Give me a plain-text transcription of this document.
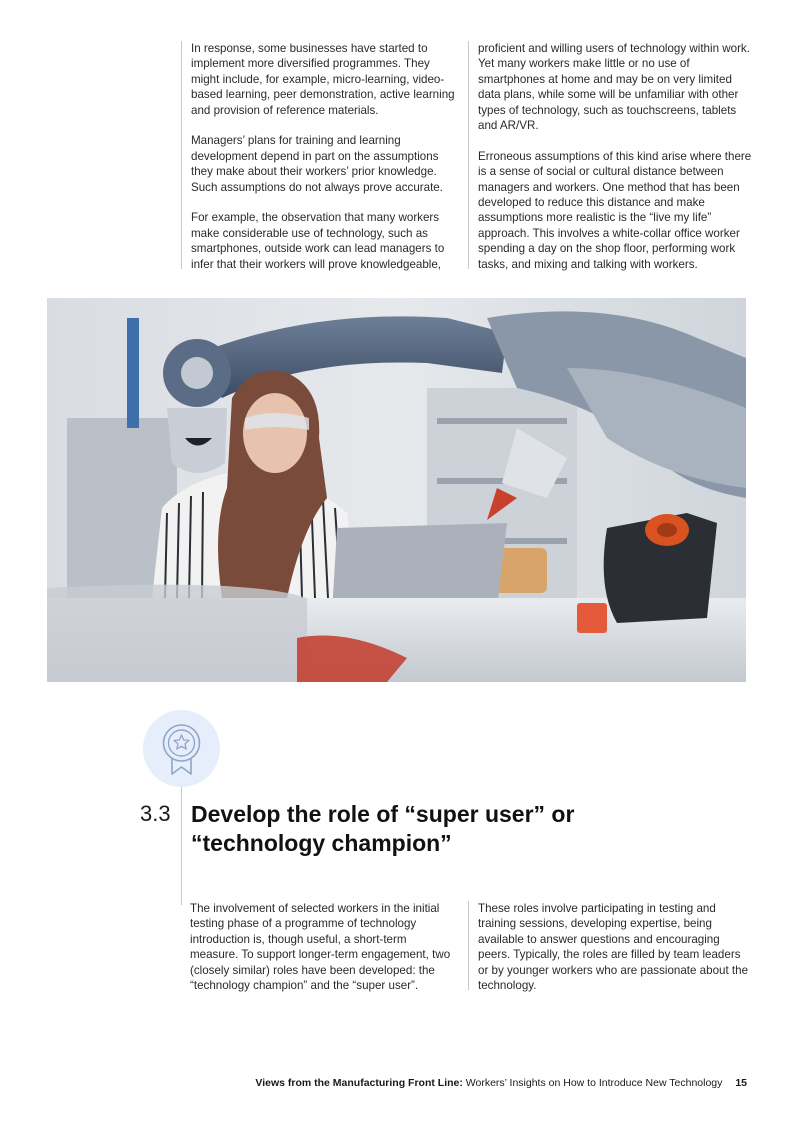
In response, some businesses have started to implement more diversified programmes. They might include, for example, micro-learning, video-based learning, peer demonstration, active learning and provision of reference materials.

Managers’ plans for training and learning development depend in part on the assumptions they make about their workers’ prior knowledge. Such assumptions do not always prove accurate.

For example, the observation that many workers make considerable use of technology, such as smartphones, outside work can lead managers to infer that their workers will prove knowledgeable,

proficient and willing users of technology within work. Yet many workers make little or no use of smartphones at home and may be on very limited data plans, while some will be unfamiliar with other types of technology, such as touchscreens, tablets and AR/VR.

Erroneous assumptions of this kind arise where there is a sense of social or cultural distance between managers and workers. One method that has been developed to reduce this distance and make assumptions more realistic is the “live my life” approach. This involves a white-collar office worker spending a day on the shop floor, performing work tasks, and mixing and talking with workers.

3.3 Develop the role of “super user” or “technology champion”

The involvement of selected workers in the initial testing phase of a programme of technology introduction is, though useful, a short-term measure. To support longer-term engagement, two (closely similar) roles have been developed: the “technology champion” and the “super user”.

These roles involve participating in testing and training sessions, developing expertise, being available to answer questions and encouraging peers. Typically, the roles are filled by team leaders or by younger workers who are passionate about the technology.

Views from the Manufacturing Front Line: Workers’ Insights on How to Introduce New Technology 15
